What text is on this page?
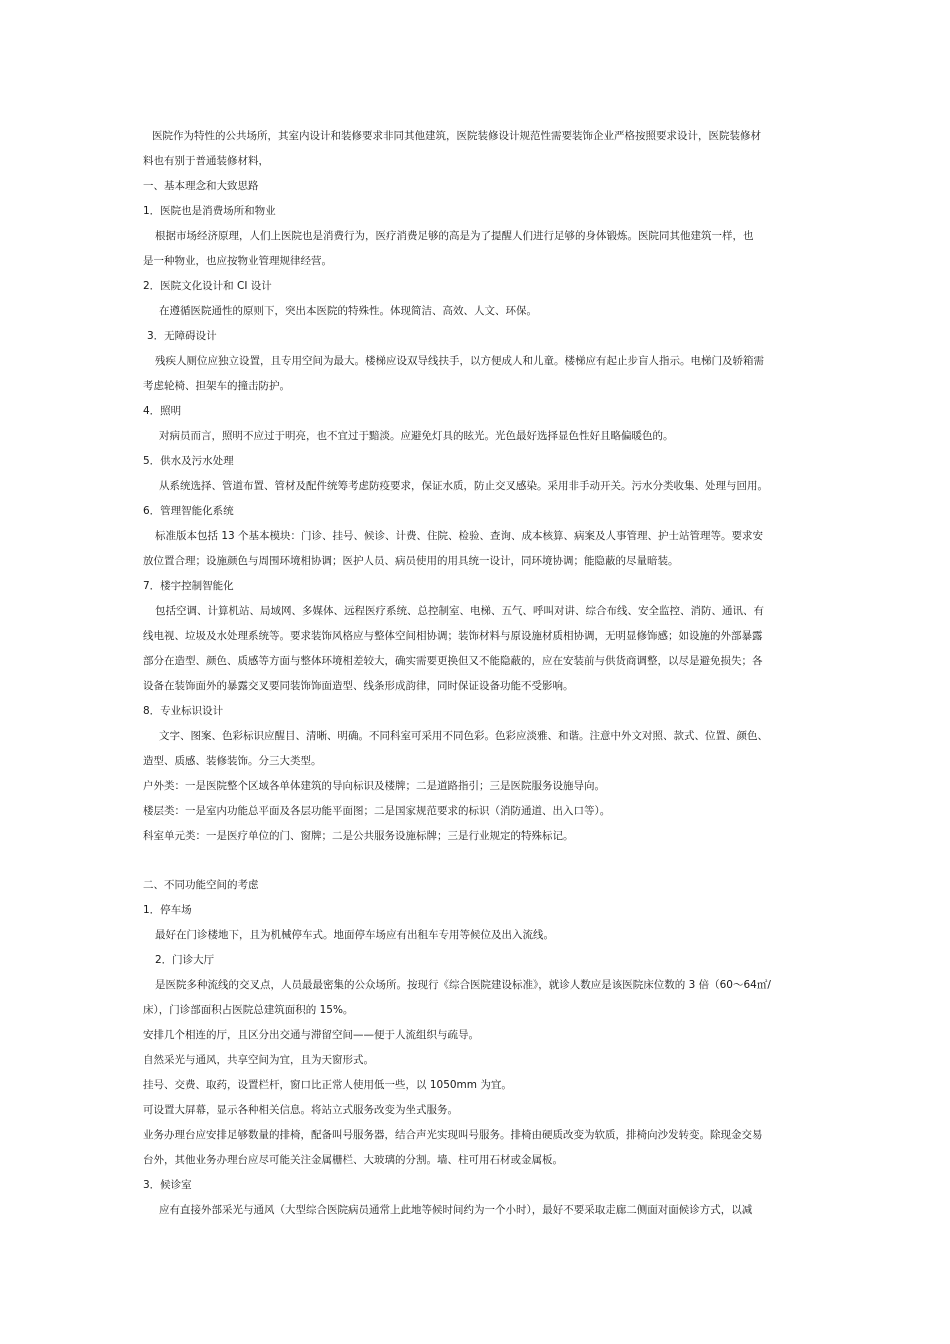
医院作为特性的公共场所，其室内设计和装修要求非同其他建筑，医院装修设计规范性需要装饰企业严格按照要求设计，医院装修材
料也有别于普通装修材料，
一、基本理念和大致思路
1．医院也是消费场所和物业
根据市场经济原理，人们上医院也是消费行为，医疗消费足够的高是为了提醒人们进行足够的身体锻炼。医院同其他建筑一样，也
是一种物业，也应按物业管理规律经营。
2．医院文化设计和 CI 设计
在遵循医院通性的原则下，突出本医院的特殊性。体现简洁、高效、人文、环保。
3．无障碍设计
残疾人厕位应独立设置，且专用空间为最大。楼梯应设双导线扶手，以方便成人和儿童。楼梯应有起止步盲人指示。电梯门及轿箱需
考虑轮椅、担架车的撞击防护。
4．照明
对病员而言，照明不应过于明亮，也不宜过于黯淡。应避免灯具的眩光。光色最好选择显色性好且略偏暖色的。
5．供水及污水处理
从系统选择、管道布置、管材及配件统筹考虑防疫要求，保证水质，防止交叉感染。采用非手动开关。污水分类收集、处理与回用。
6．管理智能化系统
标准版本包括 13 个基本模块：门诊、挂号、候诊、计费、住院、检验、查询、成本核算、病案及人事管理、护士站管理等。要求安
放位置合理；设施颜色与周围环境相协调；医护人员、病员使用的用具统一设计，同环境协调；能隐蔽的尽量暗装。
7．楼宇控制智能化
包括空调、计算机站、局域网、多媒体、远程医疗系统、总控制室、电梯、五气、呼叫对讲、综合布线、安全监控、消防、通讯、有
线电视、垃圾及水处理系统等。要求装饰风格应与整体空间相协调；装饰材料与原设施材质相协调，无明显修饰感；如设施的外部暴露
部分在造型、颜色、质感等方面与整体环境相差较大，确实需要更换但又不能隐蔽的，应在安装前与供货商调整，以尽是避免损失；各
设备在装饰面外的暴露交叉要同装饰饰面造型、线条形成韵律，同时保证设备功能不受影响。
8．专业标识设计
文字、图案、色彩标识应醒目、清晰、明确。不同科室可采用不同色彩。色彩应淡雅、和谐。注意中外文对照、款式、位置、颜色、
造型、质感、装修装饰。分三大类型。
户外类：一是医院整个区域各单体建筑的导向标识及楼牌；二是道路指引；三是医院服务设施导向。
楼层类：一是室内功能总平面及各层功能平面图；二是国家规范要求的标识（消防通道、出入口等）。
科室单元类：一是医疗单位的门、窗牌；二是公共服务设施标牌；三是行业规定的特殊标记。
二、不同功能空间的考虑
1．停车场
最好在门诊楼地下，且为机械停车式。地面停车场应有出租车专用等候位及出入流线。
2．门诊大厅
是医院多种流线的交叉点，人员最最密集的公众场所。按现行《综合医院建设标准》，就诊人数应是该医院床位数的 3 倍（60～64㎡/
床），门诊部面积占医院总建筑面积的 15%。
安排几个相连的厅，且区分出交通与滞留空间——便于人流组织与疏导。
自然采光与通风，共享空间为宜，且为天窗形式。
挂号、交费、取药，设置栏杆，窗口比正常人使用低一些，以 1050mm 为宜。
可设置大屏幕，显示各种相关信息。将站立式服务改变为坐式服务。
业务办理台应安排足够数量的排椅，配备叫号服务器，结合声光实现叫号服务。排椅由硬质改变为软质，排椅向沙发转变。除现金交易
台外，其他业务办理台应尽可能关注金属栅栏、大玻璃的分割。墙、柱可用石材或金属板。
3．候诊室
应有直接外部采光与通风（大型综合医院病员通常上此地等候时间约为一个小时），最好不要采取走廊二侧面对面候诊方式，以减
